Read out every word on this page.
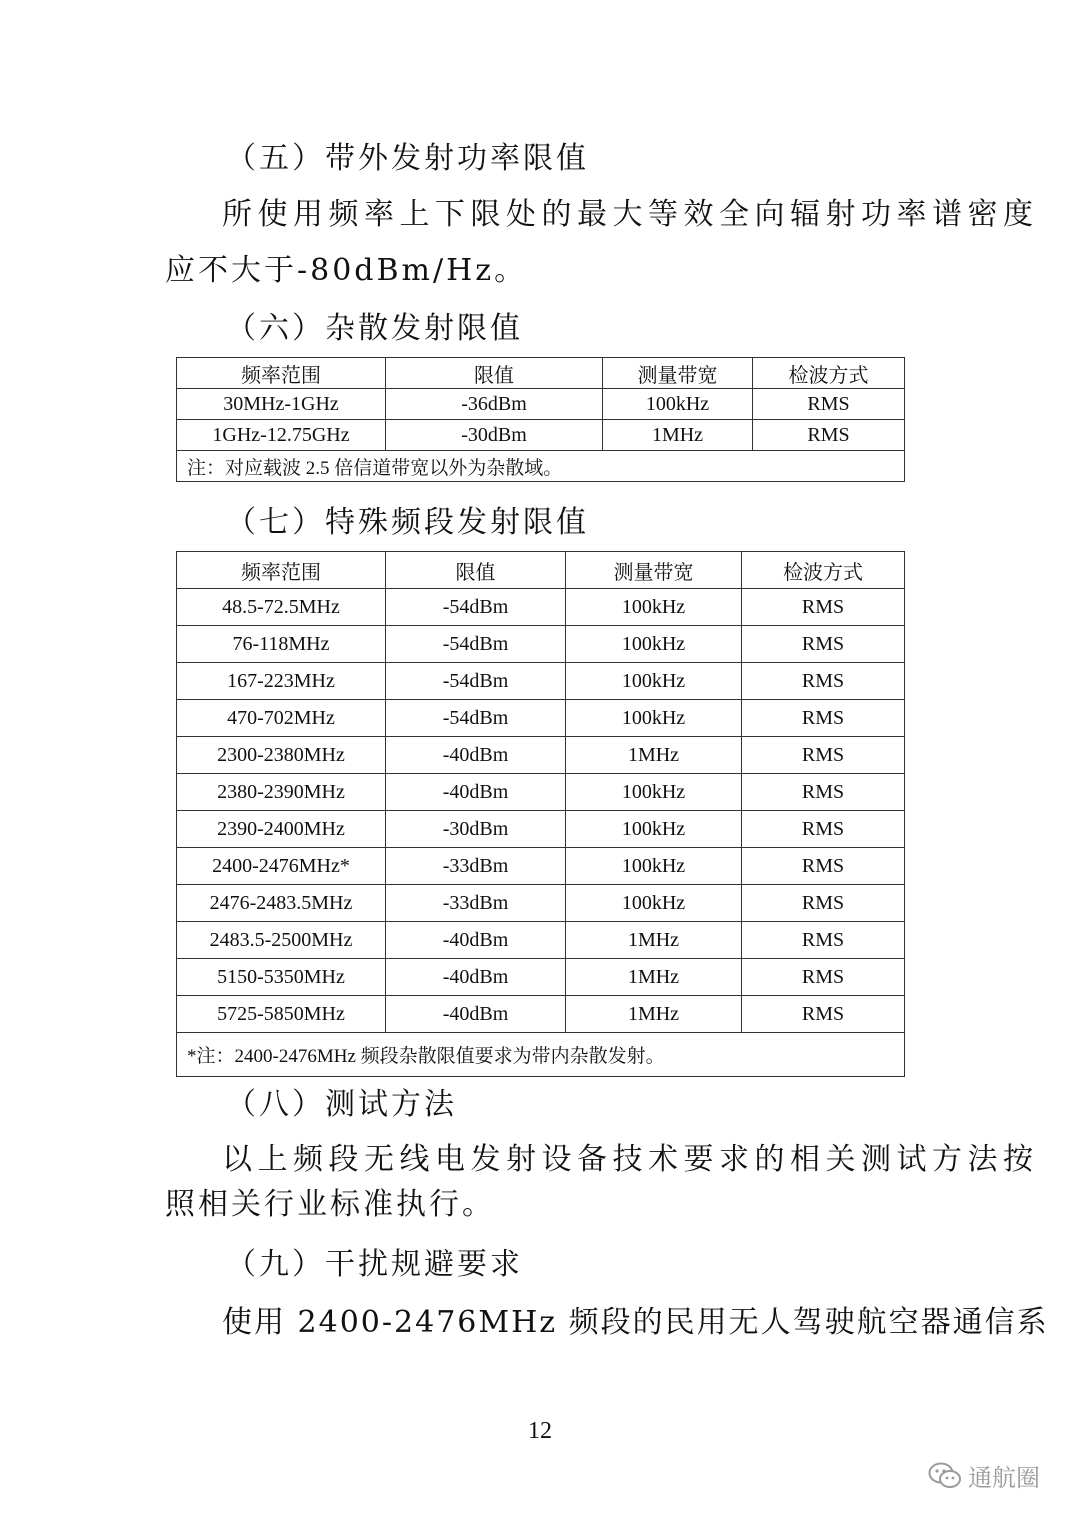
（五）带外发射功率限值
所使用频率上下限处的最大等效全向辐射功率谱密度
应不大于-80dBm/Hz。
（六）杂散发射限值
频率范围	限值	测量带宽	检波方式
30MHz-1GHz	-36dBm	100kHz	RMS
1GHz-12.75GHz	-30dBm	1MHz	RMS
注：对应载波 2.5 倍信道带宽以外为杂散域。			
（七）特殊频段发射限值
频率范围	限值	测量带宽	检波方式
48.5-72.5MHz	-54dBm	100kHz	RMS
76-118MHz	-54dBm	100kHz	RMS
167-223MHz	-54dBm	100kHz	RMS
470-702MHz	-54dBm	100kHz	RMS
2300-2380MHz	-40dBm	1MHz	RMS
2380-2390MHz	-40dBm	100kHz	RMS
2390-2400MHz	-30dBm	100kHz	RMS
2400-2476MHz*	-33dBm	100kHz	RMS
2476-2483.5MHz	-33dBm	100kHz	RMS
2483.5-2500MHz	-40dBm	1MHz	RMS
5150-5350MHz	-40dBm	1MHz	RMS
5725-5850MHz	-40dBm	1MHz	RMS
*注：2400-2476MHz 频段杂散限值要求为带内杂散发射。			
（八）测试方法
以上频段无线电发射设备技术要求的相关测试方法按
照相关行业标准执行。
（九）干扰规避要求
使用 2400-2476MHz 频段的民用无人驾驶航空器通信系
12
通航圈
